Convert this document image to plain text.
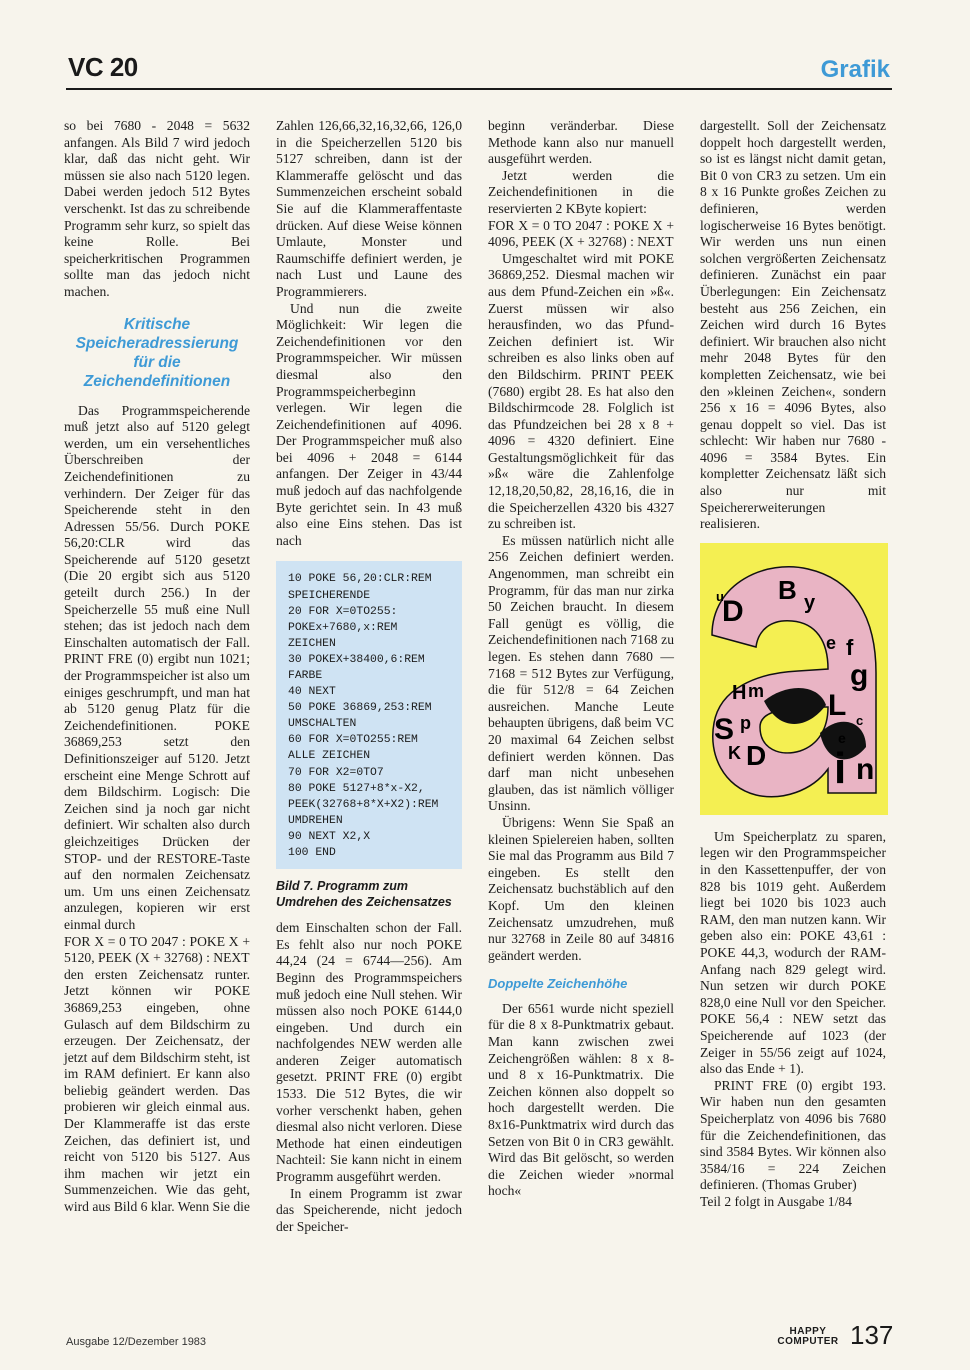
VC 20	Grafik

so bei 7680 - 2048 = 5632 anfangen. Als Bild 7 wird jedoch klar, daß das nicht geht. Wir müssen sie also nach 5120 legen. Dabei werden jedoch 512 Bytes verschenkt. Ist das zu schreibende Programm sehr kurz, so spielt das keine Rolle. Bei speicherkritischen Programmen sollte man das jedoch nicht machen.

Kritische Speicheradressierung für die Zeichendefinitionen

Das Programmspeicherende muß jetzt also auf 5120 gelegt werden, um ein versehentliches Überschreiben der Zeichendefinitionen zu verhindern. Der Zeiger für das Speicherende steht in den Adressen 55/56. Durch POKE 56,20:CLR wird das Speicherende auf 5120 gesetzt (Die 20 ergibt sich aus 5120 geteilt durch 256.) In der Speicherzelle 55 muß eine Null stehen; das ist jedoch nach dem Einschalten automatisch der Fall. PRINT FRE (0) ergibt nun 1021; der Programmspeicher ist also um einiges geschrumpft, und man hat ab 5120 genug Platz für die Zeichendefinitionen. POKE 36869,253 setzt den Definitionszeiger auf 5120. Jetzt erscheint eine Menge Schrott auf dem Bildschirm. Logisch: Die Zeichen sind ja noch gar nicht definiert. Wir schalten also durch gleichzeitiges Drücken der STOP- und der RESTORE-Taste auf den normalen Zeichensatz um. Um uns einen Zeichensatz anzulegen, kopieren wir erst einmal durch

FOR X = 0 TO 2047 : POKE X + 5120, PEEK (X + 32768) : NEXT

den ersten Zeichensatz runter. Jetzt können wir POKE 36869,253 eingeben, ohne Gulasch auf dem Bildschirm zu erzeugen. Der Zeichensatz, der jetzt auf dem Bildschirm steht, ist im RAM definiert. Er kann also beliebig geändert werden. Das probieren wir gleich einmal aus. Der Klammeraffe ist das erste Zeichen, das definiert ist, und reicht von 5120 bis 5127. Aus ihm machen wir jetzt ein Summenzeichen. Wie das geht, wird aus Bild 6 klar. Wenn Sie die

Zahlen 126,66,32,16,32,66, 126,0 in die Speicherzellen 5120 bis 5127 schreiben, dann ist der Klammeraffe gelöscht und das Summenzeichen erscheint sobald Sie auf die Klammeraffentaste drücken. Auf diese Weise können Umlaute, Monster und Raumschiffe definiert werden, je nach Lust und Laune des Programmierers.

Und nun die zweite Möglichkeit: Wir legen die Zeichendefinitionen vor den Programmspeicher. Wir müssen diesmal also den Programmspeicherbeginn verlegen. Wir legen die Zeichendefinitionen auf 4096. Der Programmspeicher muß also bei 4096 + 2048 = 6144 anfangen. Der Zeiger in 43/44 muß jedoch auf das nachfolgende Byte gerichtet sein. In 43 muß also eine Eins stehen. Das ist nach

10 POKE 56,20:CLR:REM
SPEICHERENDE
20 FOR X=0TO255:
POKEx+7680,x:REM
ZEICHEN
30 POKEX+38400,6:REM
FARBE
40 NEXT
50 POKE 36869,253:REM
UMSCHALTEN
60 FOR X=0TO255:REM
ALLE ZEICHEN
70 FOR X2=0TO7
80 POKE 5127+8*x-X2,
PEEK(32768+8*X+X2):REM
UMDREHEN
90 NEXT X2,X
100 END
Bild 7. Programm zum Umdrehen des Zeichensatzes

dem Einschalten schon der Fall. Es fehlt also nur noch POKE 44,24 (24 = 6744—256). Am Beginn des Programmspeichers muß jedoch eine Null stehen. Wir müssen also noch POKE 6144,0 eingeben. Und durch ein nachfolgendes NEW werden alle anderen Zeiger automatisch gesetzt. PRINT FRE (0) ergibt 1533. Die 512 Bytes, die wir vorher verschenkt haben, gehen diesmal also nicht verloren. Diese Methode hat einen eindeutigen Nachteil: Sie kann nicht in einem Programm ausgeführt werden.

In einem Programm ist zwar das Speicherende, nicht jedoch der Speicher-

beginn veränderbar. Diese Methode kann also nur manuell ausgeführt werden.

Jetzt werden die Zeichendefinitionen in die reservierten 2 KByte kopiert:

FOR X = 0 TO 2047 : POKE X + 4096, PEEK (X + 32768) : NEXT

Umgeschaltet wird mit POKE 36869,252. Diesmal machen wir aus dem Pfund-Zeichen ein »ß«. Zuerst müssen wir also herausfinden, wo das Pfund-Zeichen definiert ist. Wir schreiben es also links oben auf den Bildschirm. PRINT PEEK (7680) ergibt 28. Es hat also den Bildschirmcode 28. Folglich ist das Pfundzeichen bei 28 x 8 + 4096 = 4320 definiert. Eine Gestaltungsmöglichkeit für das »ß« wäre die Zahlenfolge 12,18,20,50,82, 28,16,16, die in die Speicherzellen 4320 bis 4327 zu schreiben ist.

Es müssen natürlich nicht alle 256 Zeichen definiert werden. Angenommen, man schreibt ein Programm, für das man nur zirka 50 Zeichen braucht. In diesem Fall genügt es völlig, die Zeichendefinitionen nach 7168 zu legen. Es stehen dann 7680 — 7168 = 512 Bytes zur Verfügung, die für 512/8 = 64 Zeichen ausreichen. Manche Leute behaupten übrigens, daß beim VC 20 maximal 64 Zeichen selbst definiert werden können. Das darf man nicht unbesehen glauben, das ist nämlich völliger Unsinn.

Übrigens: Wenn Sie Spaß an kleinen Spielereien haben, sollten Sie mal das Programm aus Bild 7 eingeben. Es stellt den Zeichensatz buchstäblich auf den Kopf. Um den kleinen Zeichensatz umzudrehen, muß nur 32768 in Zeile 80 auf 34816 geändert werden.

Doppelte Zeichenhöhe

Der 6561 wurde nicht speziell für die 8 x 8-Punktmatrix gebaut. Man kann zwischen zwei Zeichengrößen wählen: 8 x 8- und 8 x 16-Punktmatrix. Die Zeichen können also doppelt so hoch dargestellt werden. Die 8x16-Punktmatrix wird durch das Setzen von Bit 0 in CR3 gewählt. Wird das Bit gelöscht, so werden die Zeichen wieder »normal hoch«

dargestellt. Soll der Zeichensatz doppelt hoch dargestellt werden, so ist es längst nicht damit getan, Bit 0 von CR3 zu setzen. Um ein 8 x 16 Punkte großes Zeichen zu definieren, werden logischerweise 16 Bytes benötigt. Wir werden uns nun einen solchen vergrößerten Zeichensatz definieren. Zunächst ein paar Überlegungen: Ein Zeichensatz besteht aus 256 Zeichen, ein Zeichen wird durch 16 Bytes definiert. Wir brauchen also nicht mehr 2048 Bytes für den kompletten Zeichensatz, wie bei den »kleinen Zeichen«, sondern 256 x 16 = 4096 Bytes, also genau doppelt so viel. Das ist schlecht: Wir haben nur 7680 - 4096 = 3584 Bytes. Ein kompletter Zeichensatz läßt sich also nur mit Speichererweiterungen realisieren.

u
D
B y
e f
g
L c
e
i n
S
H m
p
K D

Um Speicherplatz zu sparen, legen wir den Programmspeicher in den Kassettenpuffer, der von 828 bis 1019 geht. Außerdem liegt bei 1020 bis 1023 auch RAM, den man nutzen kann. Wir geben also ein: POKE 43,61 : POKE 44,3, wodurch der RAM-Anfang nach 829 gelegt wird. Nun setzen wir durch POKE 828,0 eine Null vor den Speicher. POKE 56,4 : NEW setzt das Speicherende auf 1023 (der Zeiger in 55/56 zeigt auf 1024, also das Ende + 1).

PRINT FRE (0) ergibt 193. Wir haben nun den gesamten Speicherplatz von 4096 bis 7680 für die Zeichendefinitionen, das sind 3584 Bytes. Wir können also 3584/16 = 224 Zeichen definieren. (Thomas Gruber)

Teil 2 folgt in Ausgabe 1/84

Ausgabe 12/Dezember 1983
HAPPY
COMPUTER 137
